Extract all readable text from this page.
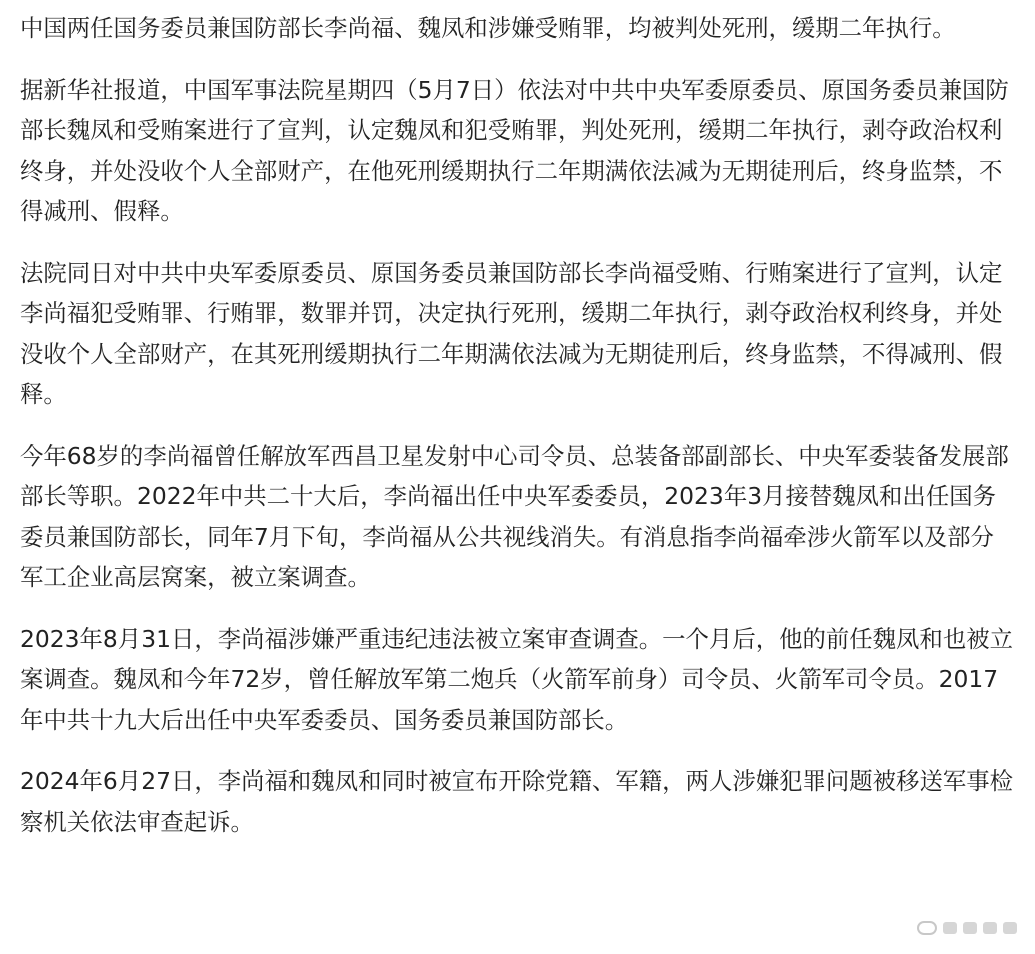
中国两任国务委员兼国防部长李尚福、魏凤和涉嫌受贿罪，均被判处死刑，缓期二年执行。

据新华社报道，中国军事法院星期四（5月7日）依法对中共中央军委原委员、原国务委员兼国防部长魏凤和受贿案进行了宣判，认定魏凤和犯受贿罪，判处死刑，缓期二年执行，剥夺政治权利终身，并处没收个人全部财产，在他死刑缓期执行二年期满依法减为无期徒刑后，终身监禁，不得减刑、假释。

法院同日对中共中央军委原委员、原国务委员兼国防部长李尚福受贿、行贿案进行了宣判，认定李尚福犯受贿罪、行贿罪，数罪并罚，决定执行死刑，缓期二年执行，剥夺政治权利终身，并处没收个人全部财产，在其死刑缓期执行二年期满依法减为无期徒刑后，终身监禁，不得减刑、假释。

今年68岁的李尚福曾任解放军西昌卫星发射中心司令员、总装备部副部长、中央军委装备发展部部长等职。2022年中共二十大后，李尚福出任中央军委委员，2023年3月接替魏凤和出任国务委员兼国防部长，同年7月下旬，李尚福从公共视线消失。有消息指李尚福牵涉火箭军以及部分军工企业高层窝案，被立案调查。

2023年8月31日，李尚福涉嫌严重违纪违法被立案审查调查。一个月后，他的前任魏凤和也被立案调查。魏凤和今年72岁，曾任解放军第二炮兵（火箭军前身）司令员、火箭军司令员。2017年中共十九大后出任中央军委委员、国务委员兼国防部长。

2024年6月27日，李尚福和魏凤和同时被宣布开除党籍、军籍，两人涉嫌犯罪问题被移送军事检察机关依法审查起诉。
